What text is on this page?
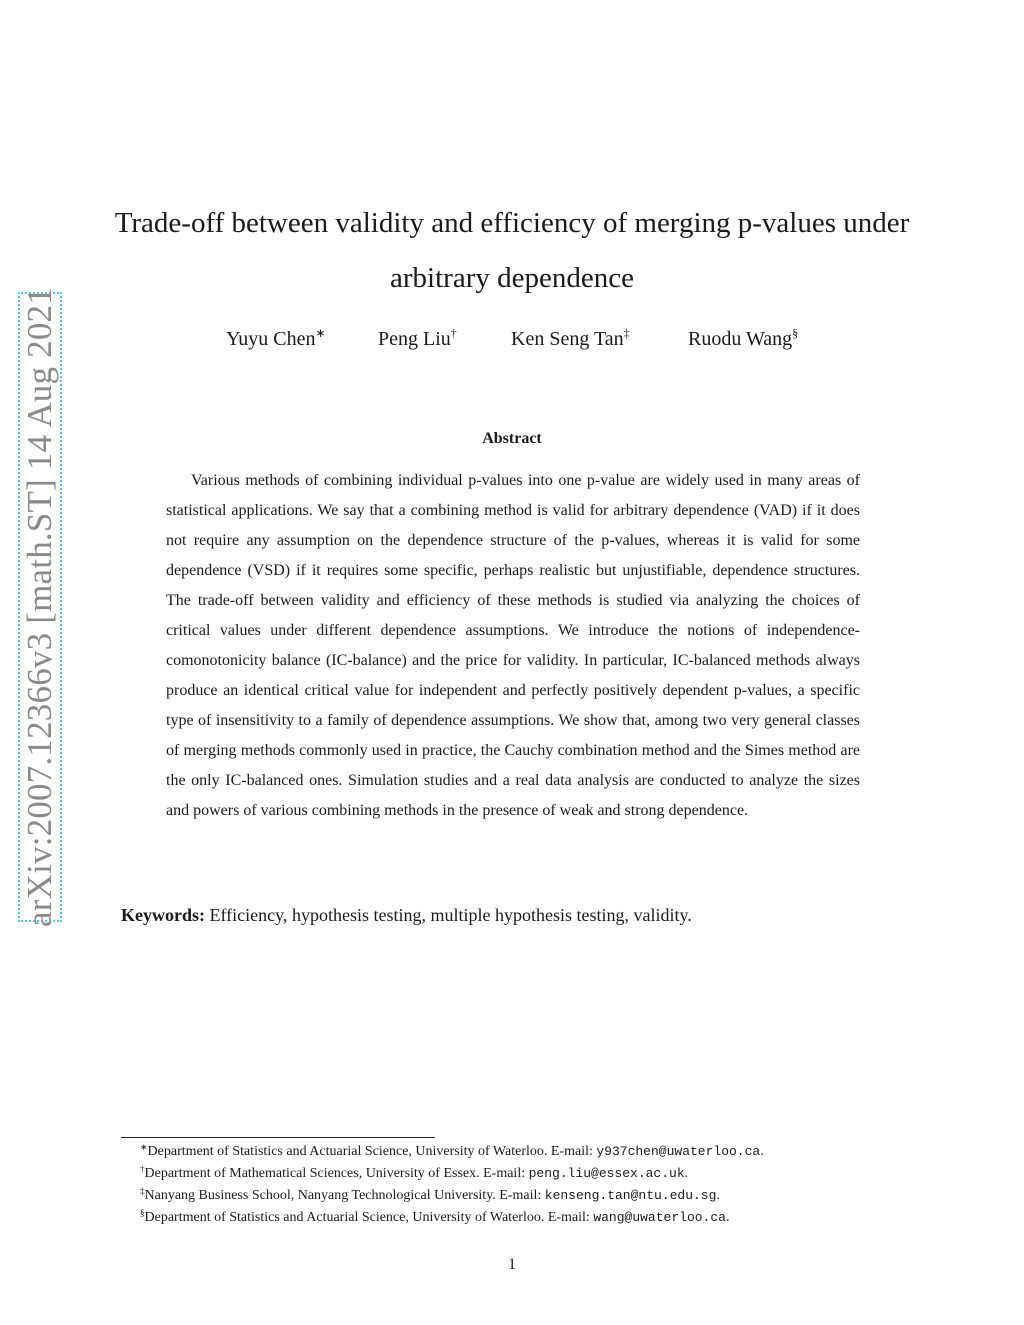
arXiv:2007.12366v3 [math.ST] 14 Aug 2021
Trade-off between validity and efficiency of merging p-values under
arbitrary dependence
Yuyu Chen∗	Peng Liu†	Ken Seng Tan‡	Ruodu Wang§
Abstract

Various methods of combining individual p-values into one p-value are widely used in many areas of statistical applications. We say that a combining method is valid for arbitrary dependence (VAD) if it does not require any assumption on the dependence structure of the p-values, whereas it is valid for some dependence (VSD) if it requires some specific, perhaps realistic but unjustifiable, dependence structures. The trade-off between validity and efficiency of these methods is studied via analyzing the choices of critical values under different dependence assumptions. We introduce the notions of independence-comonotonicity balance (IC-balance) and the price for validity. In particular, IC-balanced methods always produce an identical critical value for independent and perfectly positively dependent p-values, a specific type of insensitivity to a family of dependence assumptions. We show that, among two very general classes of merging methods commonly used in practice, the Cauchy combination method and the Simes method are the only IC-balanced ones. Simulation studies and a real data analysis are conducted to analyze the sizes and powers of various combining methods in the presence of weak and strong dependence.

Keywords: Efficiency, hypothesis testing, multiple hypothesis testing, validity.

∗Department of Statistics and Actuarial Science, University of Waterloo. E-mail: y937chen@uwaterloo.ca.
†Department of Mathematical Sciences, University of Essex. E-mail: peng.liu@essex.ac.uk.
‡Nanyang Business School, Nanyang Technological University. E-mail: kenseng.tan@ntu.edu.sg.
§Department of Statistics and Actuarial Science, University of Waterloo. E-mail: wang@uwaterloo.ca.

1
